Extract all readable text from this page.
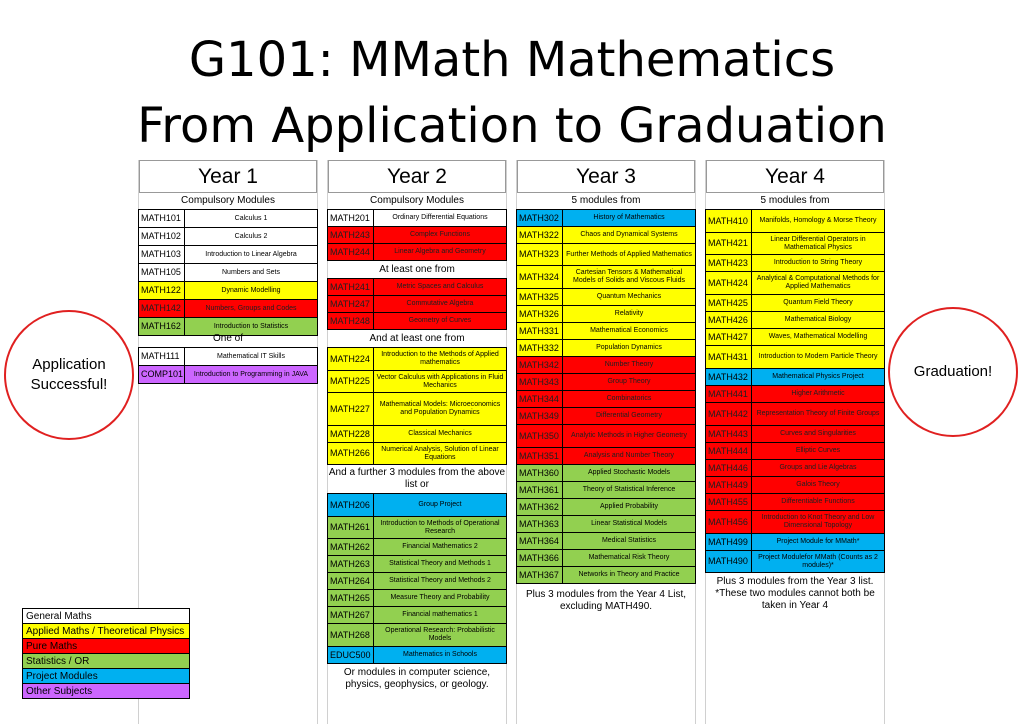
G101: MMath Mathematics
From Application to Graduation
Application Successful!
Graduation!
Year 1
Compulsory Modules
MATH101	Calculus 1
MATH102	Calculus 2
MATH103	Introduction to Linear Algebra
MATH105	Numbers and Sets
MATH122	Dynamic Modelling
MATH142	Numbers, Groups and Codes
MATH162	Introduction to Statistics
One of
MATH111	Mathematical IT Skills
COMP101	Introduction to Programming in JAVA
Year 2
Compulsory Modules
MATH201	Ordinary Differential Equations
MATH243	Complex Functions
MATH244	Linear Algebra and Geometry
At least one from
MATH241	Metric Spaces and Calculus
MATH247	Commutative Algebra
MATH248	Geometry of Curves
And at least one from
MATH224	Introduction to the Methods of Applied mathematics
MATH225	Vector Calculus with Applications in Fluid Mechanics
MATH227	Mathematical Models: Microeconomics and Population Dynamics
MATH228	Classical Mechanics
MATH266	Numerical Analysis, Solution of Linear Equations
And a further 3 modules from the above list or
MATH206	Group Project
MATH261	Introduction to Methods of Operational Research
MATH262	Financial Mathematics 2
MATH263	Statistical Theory and Methods 1
MATH264	Statistical Theory and Methods 2
MATH265	Measure Theory and Probability
MATH267	Financial mathematics 1
MATH268	Operational Research: Probabilistic Models
EDUC500	Mathematics in Schools
Or modules in computer science, physics, geophysics, or geology.
Year 3
5 modules from
MATH302	History of Mathematics
MATH322	Chaos and Dynamical Systems
MATH323	Further Methods of Applied Mathematics
MATH324	Cartesian Tensors & Mathematical Models of Solids and Viscous Fluids
MATH325	Quantum Mechanics
MATH326	Relativity
MATH331	Mathematical Economics
MATH332	Population Dynamics
MATH342	Number Theory
MATH343	Group Theory
MATH344	Combinatorics
MATH349	Differential Geometry
MATH350	Analytic Methods in Higher Geometry
MATH351	Analysis and Number Theory
MATH360	Applied Stochastic Models
MATH361	Theory of Statistical Inference
MATH362	Applied Probability
MATH363	Linear Statistical Models
MATH364	Medical Statistics
MATH366	Mathematical Risk Theory
MATH367	Networks in Theory and Practice
Plus 3 modules from the Year 4 List, excluding MATH490.
Year 4
5 modules from
MATH410	Manifolds, Homology & Morse Theory
MATH421	Linear Differential Operators in Mathematical Physics
MATH423	Introduction to String Theory
MATH424	Analytical & Computational Methods for Applied Mathematics
MATH425	Quantum Field Theory
MATH426	Mathematical Biology
MATH427	Waves, Mathematical Modelling
MATH431	Introduction to Modern Particle Theory
MATH432	Mathematical Physics Project
MATH441	Higher Arithmetic
MATH442	Representation Theory of Finite Groups
MATH443	Curves and Singularities
MATH444	Elliptic Curves
MATH446	Groups and Lie Algebras
MATH449	Galois Theory
MATH455	Differentiable Functions
MATH456	Introduction to Knot Theory and Low Dimensional Topology
MATH499	Project Module for MMath*
MATH490	Project Modulefor MMath (Counts as 2 modules)*
Plus 3 modules from the Year 3 list. *These two modules cannot both be taken in Year 4
General Maths
Applied Maths / Theoretical Physics
Pure Maths
Statistics / OR
Project Modules
Other Subjects
